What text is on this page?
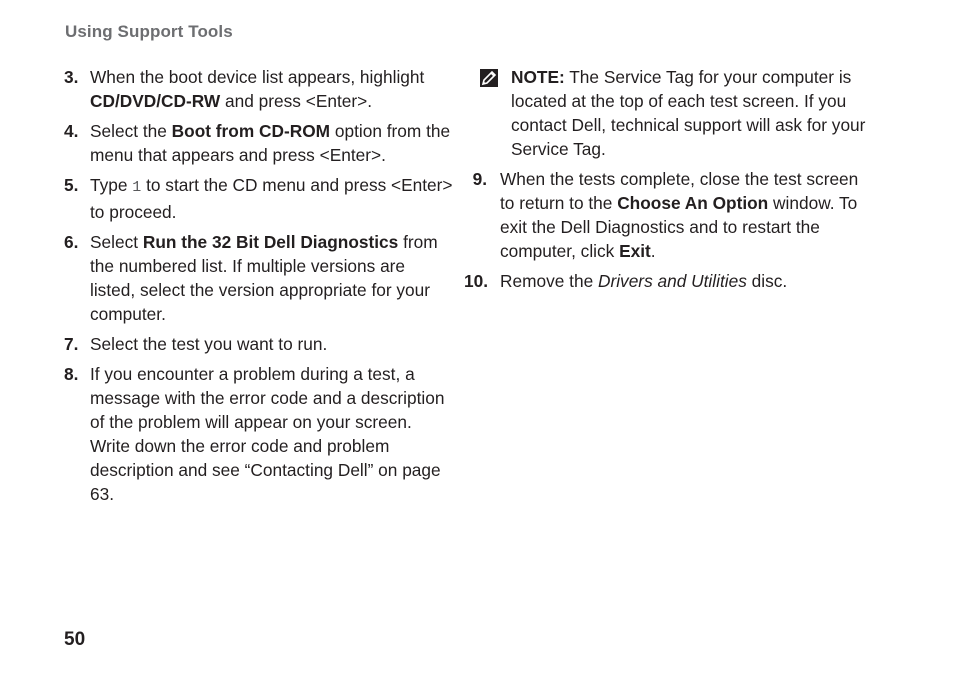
Using Support Tools
3. When the boot device list appears, highlight CD/DVD/CD-RW and press <Enter>.
4. Select the Boot from CD-ROM option from the menu that appears and press <Enter>.
5. Type 1 to start the CD menu and press <Enter> to proceed.
6. Select Run the 32 Bit Dell Diagnostics from the numbered list. If multiple versions are listed, select the version appropriate for your computer.
7. Select the test you want to run.
8. If you encounter a problem during a test, a message with the error code and a description of the problem will appear on your screen. Write down the error code and problem description and see “Contacting Dell” on page 63.
NOTE: The Service Tag for your computer is located at the top of each test screen. If you contact Dell, technical support will ask for your Service Tag.
9. When the tests complete, close the test screen to return to the Choose An Option window. To exit the Dell Diagnostics and to restart the computer, click Exit.
10. Remove the Drivers and Utilities disc.
50
